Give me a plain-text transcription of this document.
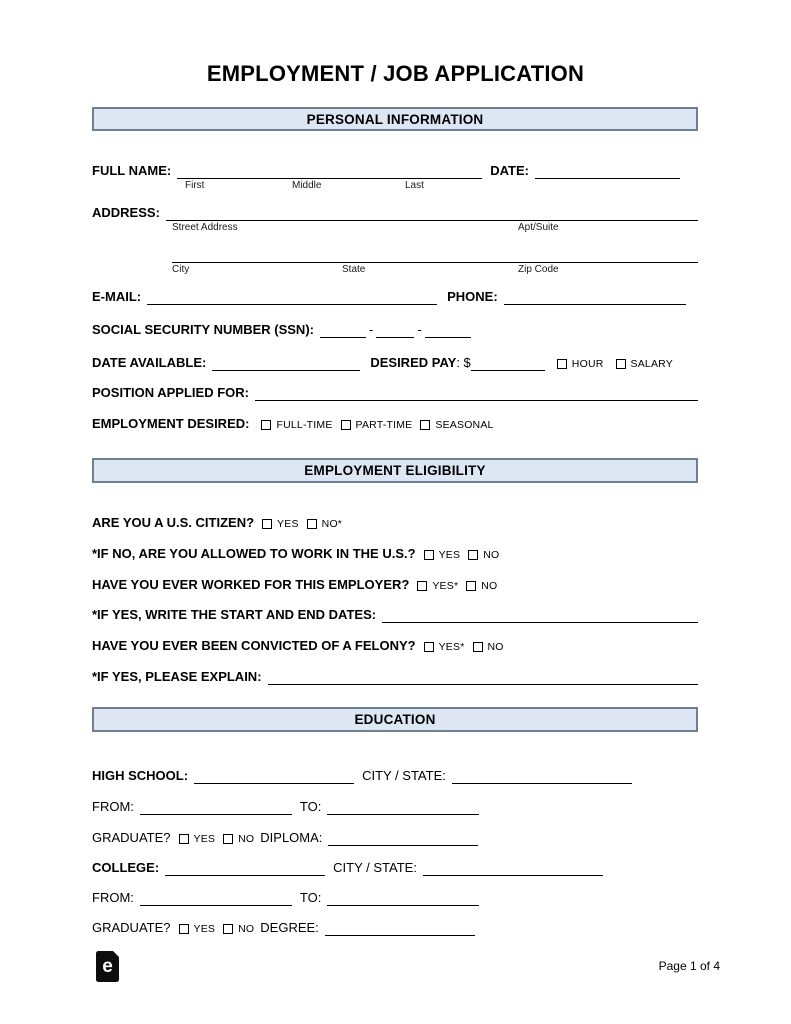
EMPLOYMENT / JOB APPLICATION
PERSONAL INFORMATION
FULL NAME:	DATE:
First	Middle	Last
ADDRESS:
Street Address	Apt/Suite
City	State	Zip Code
E-MAIL:	PHONE:
SOCIAL SECURITY NUMBER (SSN):	-	-
DATE AVAILABLE:	DESIRED PAY : $	HOUR	SALARY
POSITION APPLIED FOR:
EMPLOYMENT DESIRED:	FULL-TIME PART-TIME SEASONAL
EMPLOYMENT ELIGIBILITY
ARE YOU A U.S. CITIZEN? YES NO*
*IF NO, ARE YOU ALLOWED TO WORK IN THE U.S.? YES NO
HAVE YOU EVER WORKED FOR THIS EMPLOYER? YES* NO
*IF YES, WRITE THE START AND END DATES:
HAVE YOU EVER BEEN CONVICTED OF A FELONY? YES* NO
*IF YES, PLEASE EXPLAIN:
EDUCATION
HIGH SCHOOL:	CITY / STATE:
FROM:	TO:
GRADUATE? YES NO DIPLOMA:
COLLEGE:	CITY / STATE:
FROM:	TO:
GRADUATE? YES NO DEGREE:
e	Page 1 of 4
